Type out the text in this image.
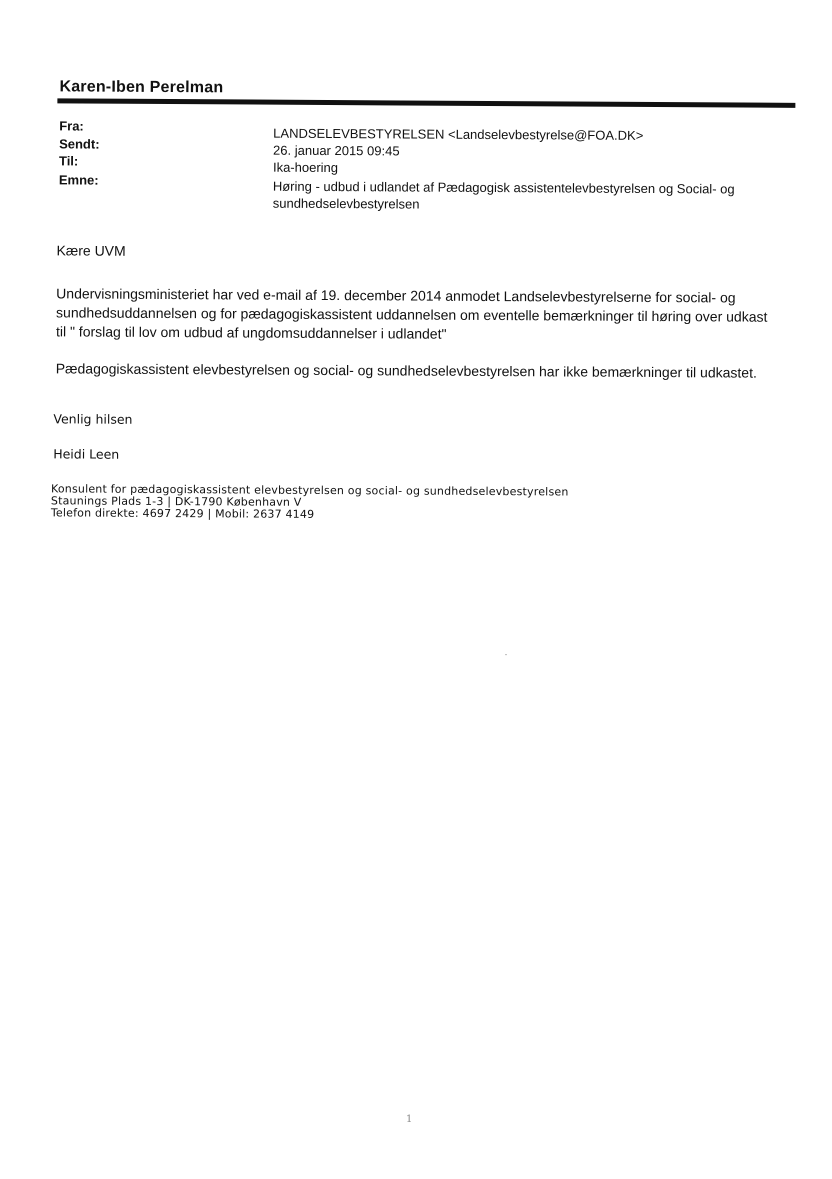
Karen-Iben Perelman
Fra:	LANDSELEVBESTYRELSEN <Landselevbestyrelse@FOA.DK>
Sendt:	26. januar 2015 09:45
Til:	Ika-hoering
Emne:	Høring - udbud i udlandet af Pædagogisk assistentelevbestyrelsen og Social- og
sundhedselevbestyrelsen
Kære UVM
Undervisningsministeriet har ved e-mail af 19. december 2014 anmodet Landselevbestyrelserne for social- og
sundhedsuddannelsen og for pædagogiskassistent uddannelsen om eventelle bemærkninger til høring over udkast
til " forslag til lov om udbud af ungdomsuddannelser i udlandet"
Pædagogiskassistent elevbestyrelsen og social- og sundhedselevbestyrelsen har ikke bemærkninger til udkastet.
Venlig hilsen
Heidi Leen
Konsulent for pædagogiskassistent elevbestyrelsen og social- og sundhedselevbestyrelsen
Staunings Plads 1-3 | DK-1790 København V
Telefon direkte: 4697 2429 | Mobil: 2637 4149
1
